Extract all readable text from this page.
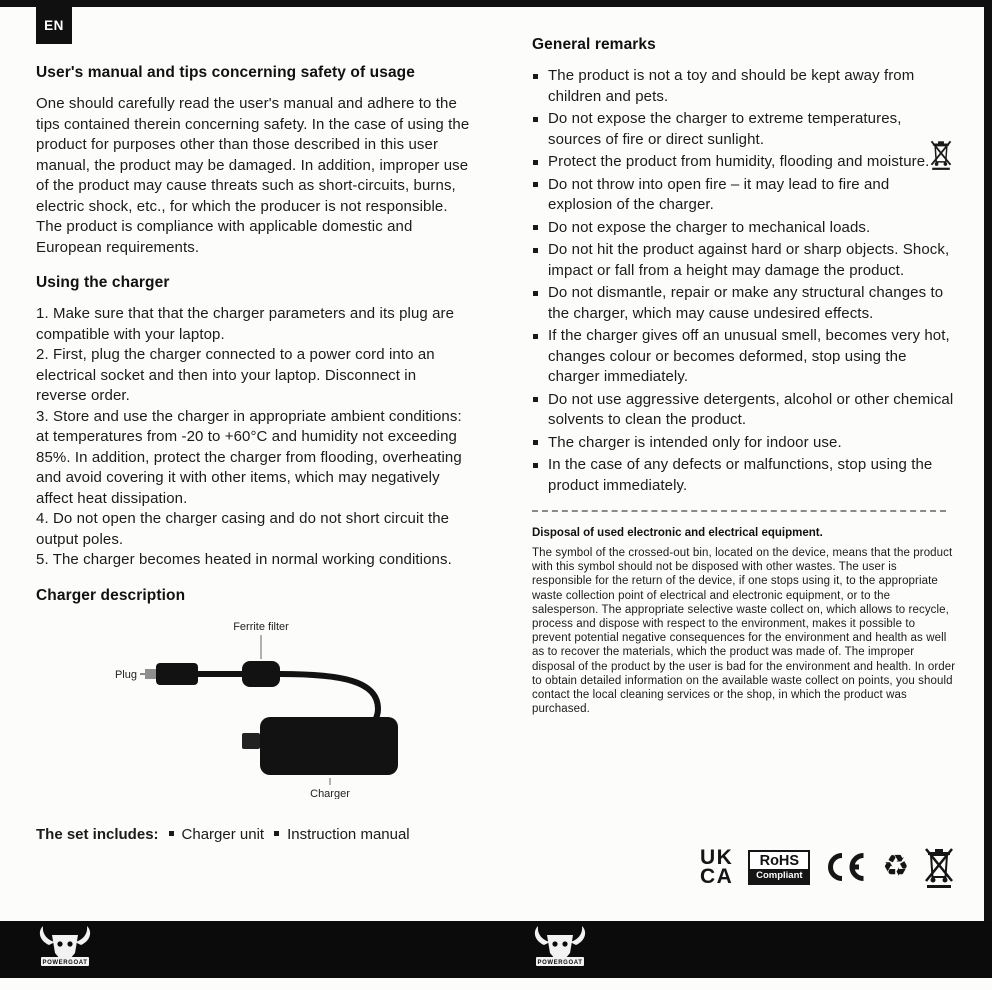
EN
User's manual and tips concerning safety of usage

One should carefully read the user's manual and adhere to the tips contained therein concerning safety. In the case of using the product for purposes other than those described in this user manual, the product may be damaged. In addition, improper use of the product may cause threats such as short-circuits, burns, electric shock, etc., for which the producer is not responsible. The product is compliance with applicable domestic and European requirements.

Using the charger

1. Make sure that that the charger parameters and its plug are compatible with your laptop.

2. First, plug the charger connected to a power cord into an electrical socket and then into your laptop. Disconnect in reverse order.

3. Store and use the charger in appropriate ambient conditions: at temperatures from -20 to +60°C and humidity not exceeding 85%. In addition, protect the charger from flooding, overheating and avoid covering it with other items, which may negatively affect heat dissipation.

4. Do not open the charger casing and do not short circuit the output poles.

5. The charger becomes heated in normal working conditions.

Charger description
Ferrite filter
Plug
Charger
The set includes: Charger unit Instruction manual
General remarks
The product is not a toy and should be kept away from children and pets.
Do not expose the charger to extreme temperatures, sources of fire or direct sunlight.
Protect the product from humidity, flooding and moisture.
Do not throw into open fire – it may lead to fire and explosion of the charger.
Do not expose the charger to mechanical loads.
Do not hit the product against hard or sharp objects. Shock, impact or fall from a height may damage the product.
Do not dismantle, repair or make any structural changes to the charger, which may cause undesired effects.
If the charger gives off an unusual smell, becomes very hot, changes colour or becomes deformed, stop using the charger immediately.
Do not use aggressive detergents, alcohol or other chemical solvents to clean the product.
The charger is intended only for indoor use.
In the case of any defects or malfunctions, stop using the product immediately.
Disposal of used electronic and electrical equipment.

The symbol of the crossed-out bin, located on the device, means that the product with this symbol should not be disposed with other wastes. The user is responsible for the return of the device, if one stops using it, to the appropriate waste collection point of electrical and electronic equipment, or to the salesperson. The appropriate selective waste collect on, which allows to recycle, process and dispose with respect to the environment, makes it possible to prevent potential negative consequences for the environment and health as well as to recover the materials, which the product was made of. The improper disposal of the product by the user is bad for the environment and health. In order to obtain detailed information on the available waste collect on points, you should contact the local cleaning services or the shop, in which the product was purchased.

UK
CA
RoHS
Compliant	♻
POWERGOAT	POWERGOAT
